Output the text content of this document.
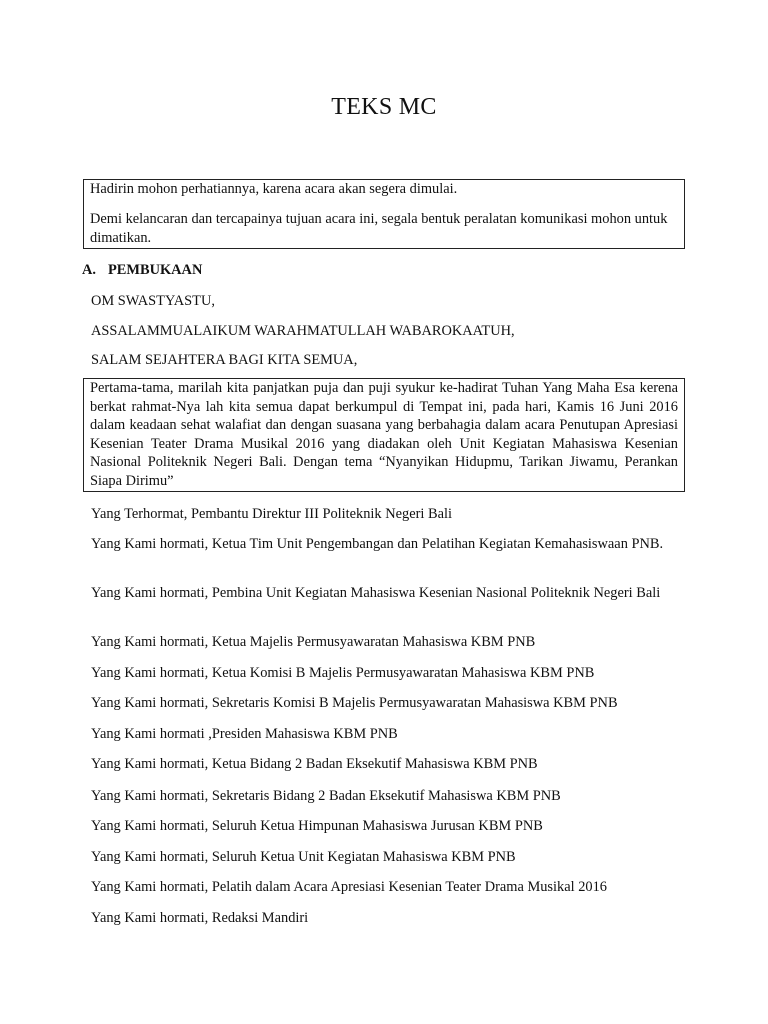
TEKS MC

Hadirin mohon perhatiannya, karena acara akan segera dimulai.

Demi kelancaran dan tercapainya tujuan acara ini, segala bentuk peralatan komunikasi mohon untuk dimatikan.

A. PEMBUKAAN
OM SWASTYASTU,
ASSALAMMUALAIKUM WARAHMATULLAH WABAROKAATUH,
SALAM SEJAHTERA BAGI KITA SEMUA,

Pertama-tama, marilah kita panjatkan puja dan puji syukur ke-hadirat Tuhan Yang Maha Esa kerena berkat rahmat-Nya lah kita semua dapat berkumpul di Tempat ini, pada hari, Kamis 16 Juni 2016 dalam keadaan sehat walafiat dan dengan suasana yang berbahagia dalam acara Penutupan Apresiasi Kesenian Teater Drama Musikal 2016 yang diadakan oleh Unit Kegiatan Mahasiswa Kesenian Nasional Politeknik Negeri Bali. Dengan tema “Nyanyikan Hidupmu, Tarikan Jiwamu, Perankan Siapa Dirimu”

Yang Terhormat, Pembantu Direktur III Politeknik Negeri Bali
Yang Kami hormati, Ketua Tim Unit Pengembangan dan Pelatihan Kegiatan Kemahasiswaan PNB.
Yang Kami hormati, Pembina Unit Kegiatan Mahasiswa Kesenian Nasional Politeknik Negeri Bali
Yang Kami hormati, Ketua Majelis Permusyawaratan Mahasiswa KBM PNB
Yang Kami hormati, Ketua Komisi B Majelis Permusyawaratan Mahasiswa KBM PNB
Yang Kami hormati, Sekretaris Komisi B Majelis Permusyawaratan Mahasiswa KBM PNB
Yang Kami hormati ,Presiden Mahasiswa KBM PNB
Yang Kami hormati, Ketua Bidang 2 Badan Eksekutif Mahasiswa KBM PNB
Yang Kami hormati, Sekretaris Bidang 2 Badan Eksekutif Mahasiswa KBM PNB
Yang Kami hormati, Seluruh Ketua Himpunan Mahasiswa Jurusan KBM PNB
Yang Kami hormati, Seluruh Ketua Unit Kegiatan Mahasiswa KBM PNB
Yang Kami hormati, Pelatih dalam Acara Apresiasi Kesenian Teater Drama Musikal 2016
Yang Kami hormati, Redaksi Mandiri
